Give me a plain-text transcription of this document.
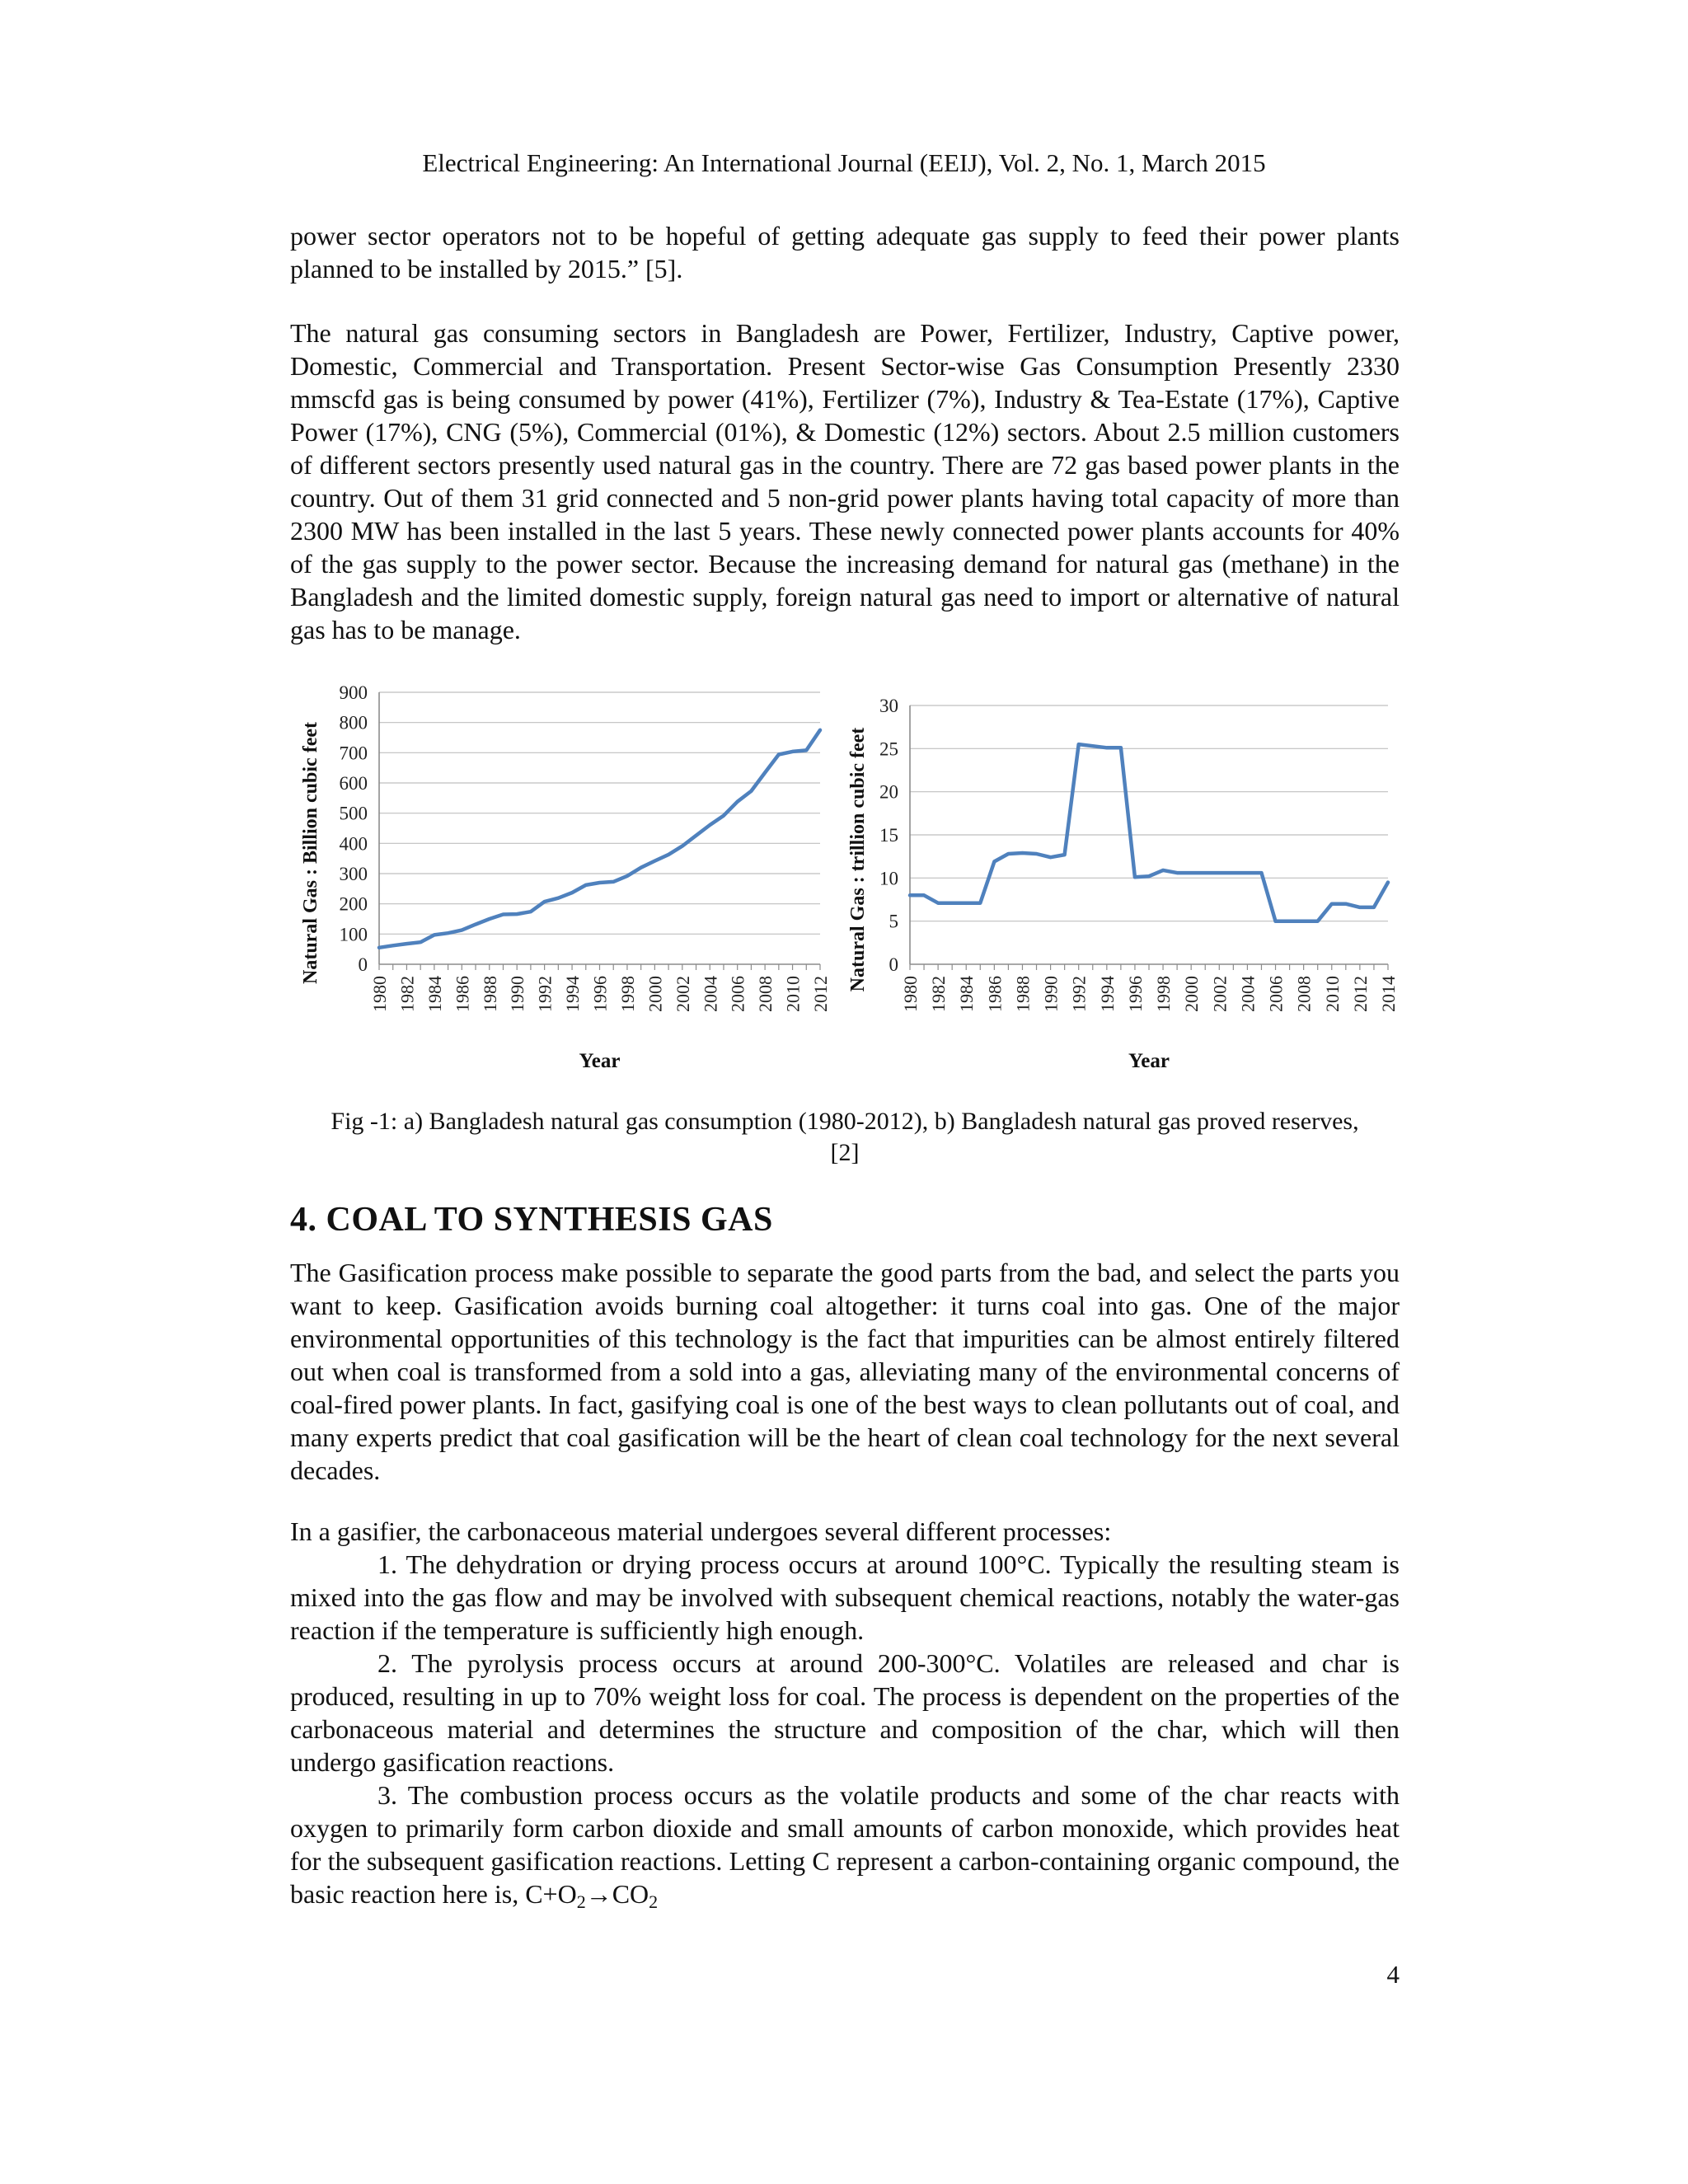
Electrical Engineering: An International Journal (EEIJ), Vol. 2, No. 1, March 2015

power sector operators not to be hopeful of getting adequate gas supply to feed their power plants planned to be installed by 2015.” [5].

The natural gas consuming sectors in Bangladesh are Power, Fertilizer, Industry, Captive power, Domestic, Commercial and Transportation. Present Sector-wise Gas Consumption Presently 2330 mmscfd gas is being consumed by power (41%), Fertilizer (7%), Industry & Tea-Estate (17%), Captive Power (17%), CNG (5%), Commercial (01%), & Domestic (12%) sectors. About 2.5 million customers of different sectors presently used natural gas in the country. There are 72 gas based power plants in the country. Out of them 31 grid connected and 5 non-grid power plants having total capacity of more than 2300 MW has been installed in the last 5 years. These newly connected power plants accounts for 40% of the gas supply to the power sector. Because the increasing demand for natural gas (methane) in the Bangladesh and the limited domestic supply, foreign natural gas need to import or alternative of natural gas has to be manage.

0
100
200
300
400
500
600
700
800
900
1980 1982 1984 1986 1988 1990 1992 1994 1996 1998 2000 2002 2004 2006 2008 2010 2012
Natural Gas : Billion cubic feet
Year
0
5
10
15
20
25
30
1980 1982 1984 1986 1988 1990 1992 1994 1996 1998 2000 2002 2004 2006 2008 2010 2012 2014
Natural Gas : trillion cubic feet
Year
Fig -1: a) Bangladesh natural gas consumption (1980-2012), b) Bangladesh natural gas proved reserves,
[2]
4. COAL TO SYNTHESIS GAS

The Gasification process make possible to separate the good parts from the bad, and select the parts you want to keep. Gasification avoids burning coal altogether: it turns coal into gas. One of the major environmental opportunities of this technology is the fact that impurities can be almost entirely filtered out when coal is transformed from a sold into a gas, alleviating many of the environmental concerns of coal-fired power plants. In fact, gasifying coal is one of the best ways to clean pollutants out of coal, and many experts predict that coal gasification will be the heart of clean coal technology for the next several decades.

In a gasifier, the carbonaceous material undergoes several different processes:

1. The dehydration or drying process occurs at around 100°C. Typically the resulting steam is mixed into the gas flow and may be involved with subsequent chemical reactions, notably the water-gas reaction if the temperature is sufficiently high enough.

2. The pyrolysis process occurs at around 200-300°C. Volatiles are released and char is produced, resulting in up to 70% weight loss for coal. The process is dependent on the properties of the carbonaceous material and determines the structure and composition of the char, which will then undergo gasification reactions.

3. The combustion process occurs as the volatile products and some of the char reacts with oxygen to primarily form carbon dioxide and small amounts of carbon monoxide, which provides heat for the subsequent gasification reactions. Letting C represent a carbon-containing organic compound, the basic reaction here is, $C+O_2\to CO_2$

4
